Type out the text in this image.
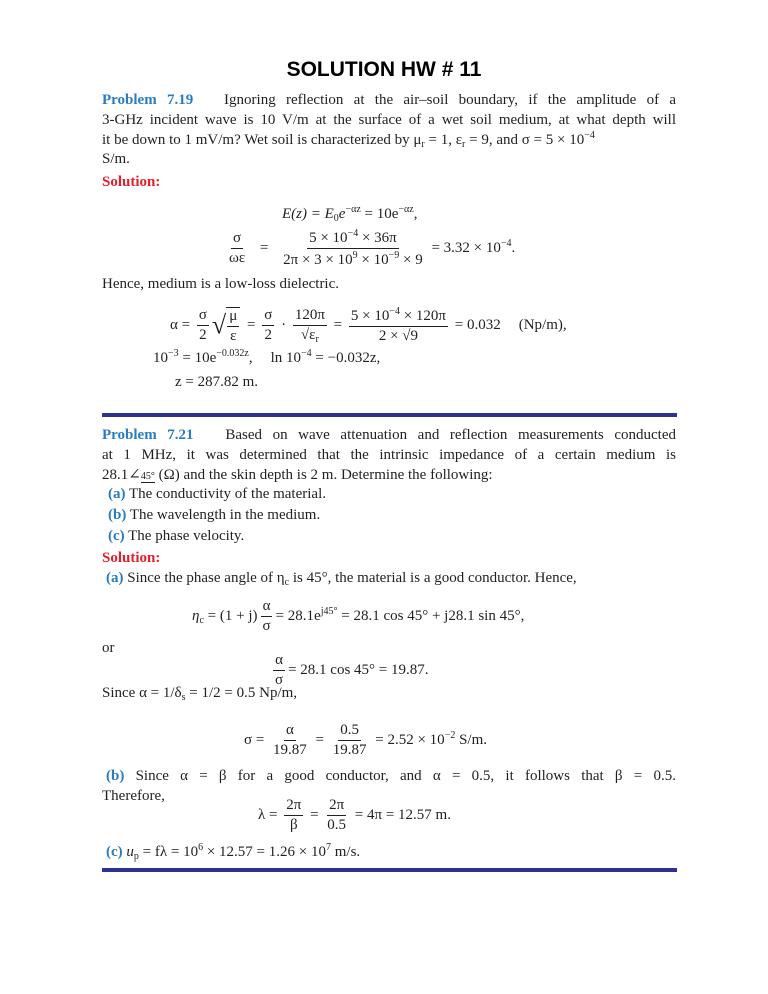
SOLUTION HW # 11
Problem 7.19 Ignoring reflection at the air–soil boundary, if the amplitude of a
3-GHz incident wave is 10 V/m at the surface of a wet soil medium, at what depth will
it be down to 1 mV/m? Wet soil is characterized by $\mu_r = 1$, $\varepsilon_r = 9$, and $\sigma = 5 \times 10^{-4}$
S/m.
Solution:
$E(z) = E_0e^{-\alpha z} = 10e^{-\alpha z}$,
$\frac{\sigma}{\omega\varepsilon} = \frac{5 \times 10^{-4} \times 36\pi}{2\pi \times 3 \times 10^9 \times 10^{-9} \times 9} = 3.32 \times 10^{-4}$.
Hence, medium is a low-loss dielectric.
$\alpha = \frac{\sigma}{2}$ √ $\frac{\mu}{\varepsilon} = \frac{\sigma}{2} \cdot \frac{120\pi}{√\varepsilon_r} = \frac{5 \times 10^{-4} \times 120\pi}{2 \times √9} = 0.032$ (Np/m),
$10^{-3} = 10e^{-0.032z}$, $\ln 10^{-4} = -0.032z$,
z = 287.82 m.
Problem 7.21 Based on wave attenuation and reflection measurements conducted
at 1 MHz, it was determined that the intrinsic impedance of a certain medium is
28.1∠45° (Ω) and the skin depth is 2 m. Determine the following:
(a) The conductivity of the material.
(b) The wavelength in the medium.
(c) The phase velocity.
Solution:
(a) Since the phase angle of $\eta_c$ is 45°, the material is a good conductor. Hence,
$\eta_c = (1 + j) \frac{\alpha}{\sigma} = 28.1e^{j45^\circ} = 28.1$ cos 45° + j28.1 sin 45°,
or
$\frac{\alpha}{\sigma} = 28.1$ cos 45° = 19.87.
Since $\alpha = 1/\delta_s = 1/2 = 0.5$ Np/m,
$\sigma = \frac{\alpha}{19.87} = \frac{0.5}{19.87} = 2.52 \times 10^{-2}$ S/m.
(b) Since α = β for a good conductor, and α = 0.5, it follows that β = 0.5.
Therefore,
$\lambda = \frac{2\pi}{\beta} = \frac{2\pi}{0.5} = 4\pi = 12.57$ m.
(c) $u_p = f\lambda = 10^6 \times 12.57 = 1.26 \times 10^7$ m/s.
